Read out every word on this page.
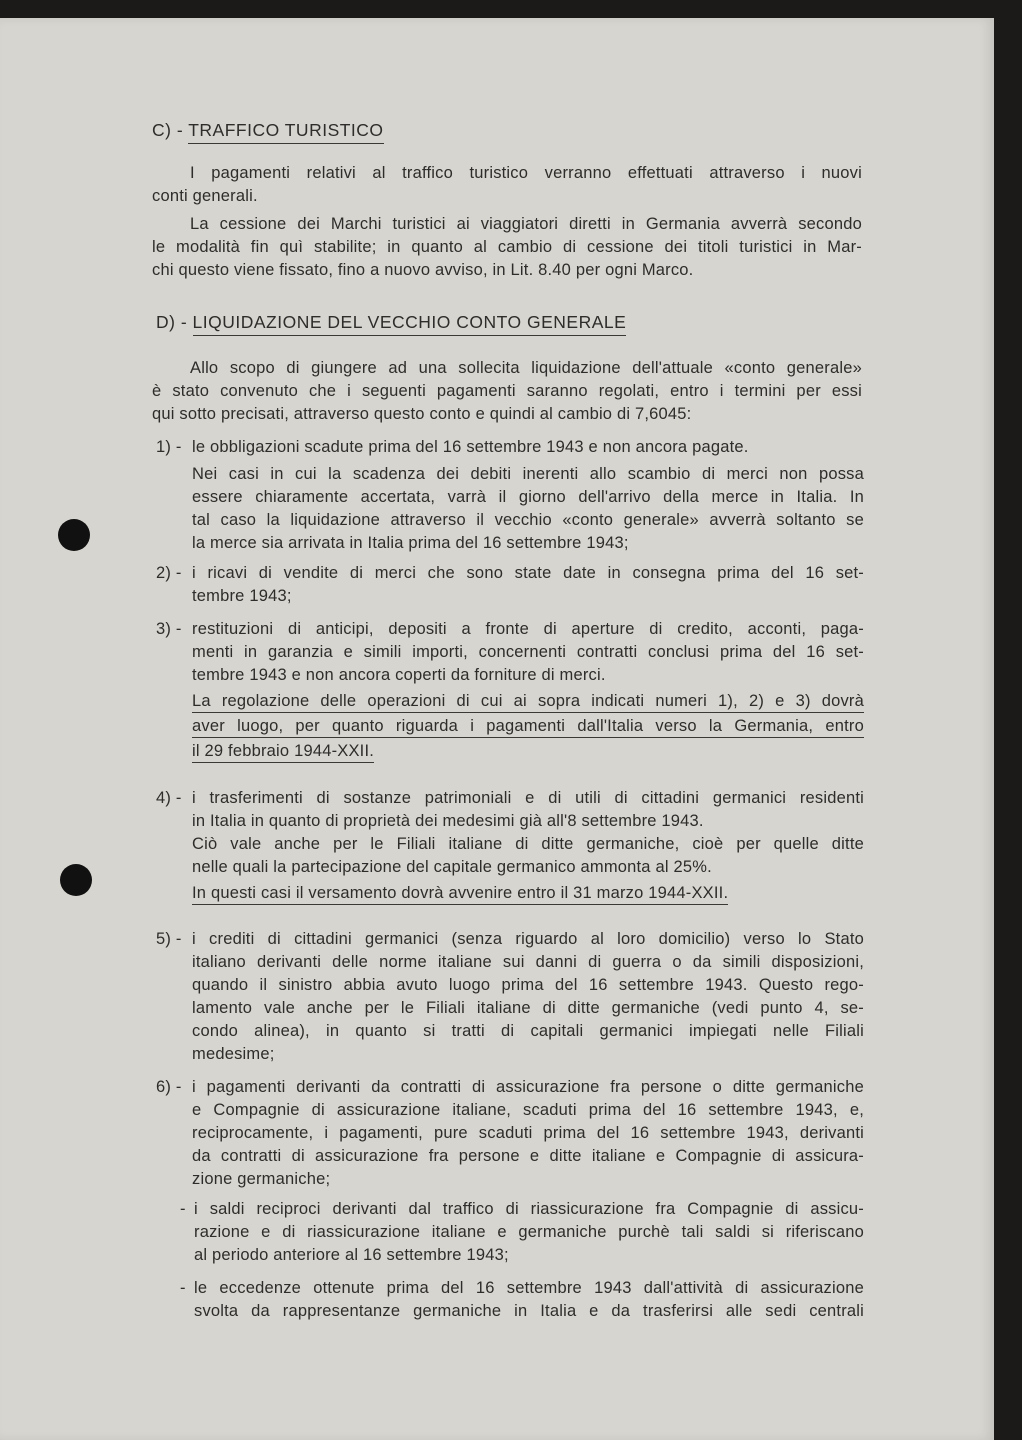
C) - TRAFFICO TURISTICO
I pagamenti relativi al traffico turistico verranno effettuati attraverso i nuovi
conti generali.
La cessione dei Marchi turistici ai viaggiatori diretti in Germania avverrà secondo
le modalità fin quì stabilite; in quanto al cambio di cessione dei titoli turistici in Mar-
chi questo viene fissato, fino a nuovo avviso, in Lit. 8.40 per ogni Marco.
D) - LIQUIDAZIONE DEL VECCHIO CONTO GENERALE
Allo scopo di giungere ad una sollecita liquidazione dell'attuale «conto generale»
è stato convenuto che i seguenti pagamenti saranno regolati, entro i termini per essi
qui sotto precisati, attraverso questo conto e quindi al cambio di 7,6045:
1) - le obbligazioni scadute prima del 16 settembre 1943 e non ancora pagate.
Nei casi in cui la scadenza dei debiti inerenti allo scambio di merci non possa
essere chiaramente accertata, varrà il giorno dell'arrivo della merce in Italia. In
tal caso la liquidazione attraverso il vecchio «conto generale» avverrà soltanto se
la merce sia arrivata in Italia prima del 16 settembre 1943;
2) - i ricavi di vendite di merci che sono state date in consegna prima del 16 set-
tembre 1943;
3) - restituzioni di anticipi, depositi a fronte di aperture di credito, acconti, paga-
menti in garanzia e simili importi, concernenti contratti conclusi prima del 16 set-
tembre 1943 e non ancora coperti da forniture di merci.
La regolazione delle operazioni di cui ai sopra indicati numeri 1), 2) e 3) dovrà
aver luogo, per quanto riguarda i pagamenti dall'Italia verso la Germania, entro
il 29 febbraio 1944-XXII.
4) - i trasferimenti di sostanze patrimoniali e di utili di cittadini germanici residenti
in Italia in quanto di proprietà dei medesimi già all'8 settembre 1943.
Ciò vale anche per le Filiali italiane di ditte germaniche, cioè per quelle ditte
nelle quali la partecipazione del capitale germanico ammonta al 25%.
In questi casi il versamento dovrà avvenire entro il 31 marzo 1944-XXII.
5) - i crediti di cittadini germanici (senza riguardo al loro domicilio) verso lo Stato
italiano derivanti delle norme italiane sui danni di guerra o da simili disposizioni,
quando il sinistro abbia avuto luogo prima del 16 settembre 1943. Questo rego-
lamento vale anche per le Filiali italiane di ditte germaniche (vedi punto 4, se-
condo alinea), in quanto si tratti di capitali germanici impiegati nelle Filiali
medesime;
6) - i pagamenti derivanti da contratti di assicurazione fra persone o ditte germaniche
e Compagnie di assicurazione italiane, scaduti prima del 16 settembre 1943, e,
reciprocamente, i pagamenti, pure scaduti prima del 16 settembre 1943, derivanti
da contratti di assicurazione fra persone e ditte italiane e Compagnie di assicura-
zione germaniche;
- i saldi reciproci derivanti dal traffico di riassicurazione fra Compagnie di assicu-
razione e di riassicurazione italiane e germaniche purchè tali saldi si riferiscano
al periodo anteriore al 16 settembre 1943;
- le eccedenze ottenute prima del 16 settembre 1943 dall'attività di assicurazione
svolta da rappresentanze germaniche in Italia e da trasferirsi alle sedi centrali
